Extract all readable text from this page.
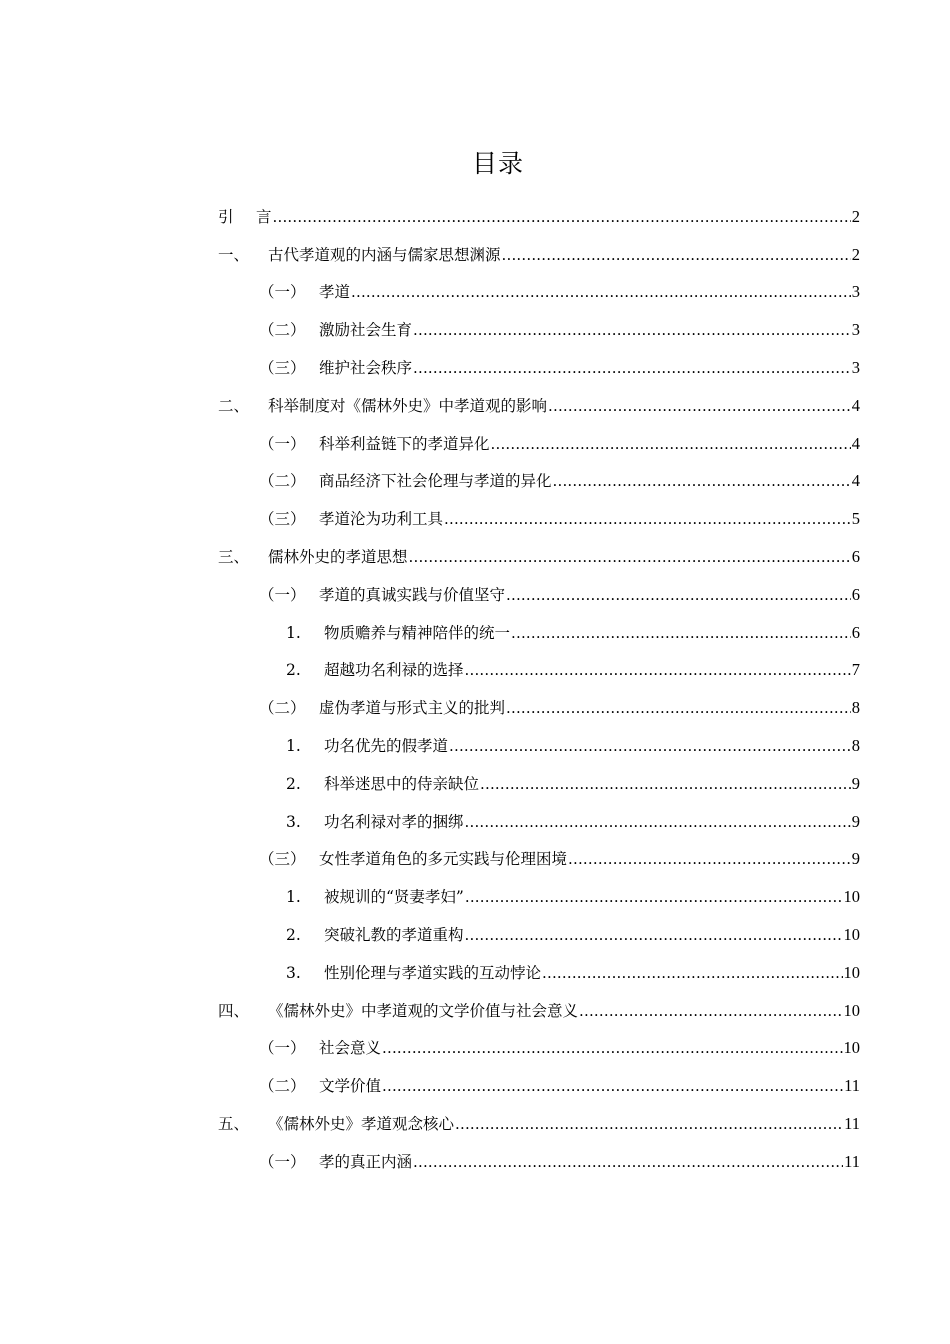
目录
引	言 .....	2
一、	古代孝道观的内涵与儒家思想渊源 .....	2
（一） 孝道 .....	3
（二） 激励社会生育 .....	3
（三） 维护社会秩序 .....	3
二、	科举制度对《儒林外史》中孝道观的影响 .....	4
（一） 科举利益链下的孝道异化 .....	4
（二） 商品经济下社会伦理与孝道的异化 .....	4
（三） 孝道沦为功利工具 .....	5
三、	儒林外史的孝道思想 .....	6
（一） 孝道的真诚实践与价值坚守 .....	6
1.	物质赡养与精神陪伴的统一 .....	6
2.	超越功名利禄的选择 .....	7
（二） 虚伪孝道与形式主义的批判 .....	8
1.	功名优先的假孝道 .....	8
2.	科举迷思中的侍亲缺位 .....	9
3.	功名利禄对孝的捆绑 .....	9
（三） 女性孝道角色的多元实践与伦理困境 .....	9
1.	被规训的“贤妻孝妇” .....	10
2.	突破礼教的孝道重构 .....	10
3.	性别伦理与孝道实践的互动悖论 .....	10
四、	《儒林外史》中孝道观的文学价值与社会意义 .....	10
（一） 社会意义 .....	10
（二） 文学价值 .....	11
五、	《儒林外史》孝道观念核心 .....	11
（一） 孝的真正内涵 .....	11
